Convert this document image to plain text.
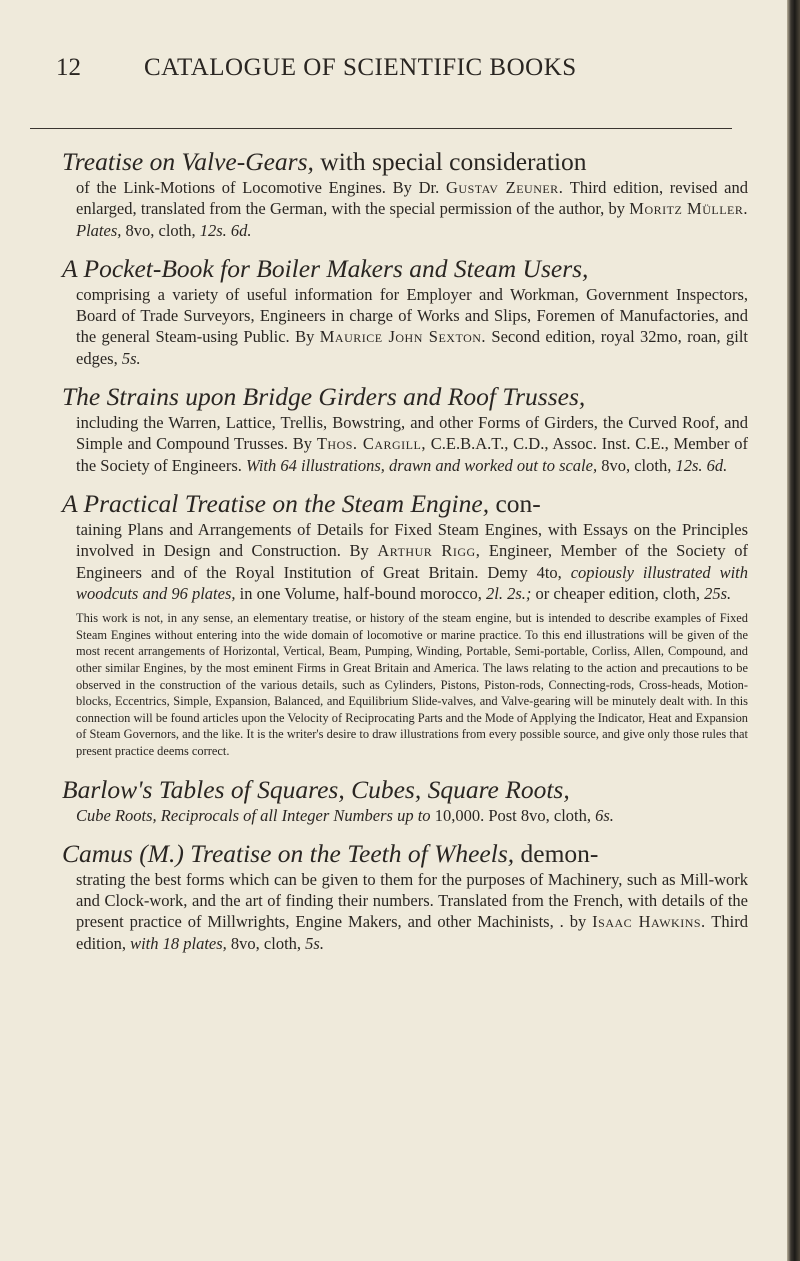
12	CATALOGUE OF SCIENTIFIC BOOKS
Treatise on Valve-Gears, with special consideration
of the Link-Motions of Locomotive Engines. By Dr. Gustav Zeuner. Third edition, revised and enlarged, translated from the German, with the special permission of the author, by Moritz Müller. Plates, 8vo, cloth, 12s. 6d.
A Pocket-Book for Boiler Makers and Steam Users,
comprising a variety of useful information for Employer and Workman, Government Inspectors, Board of Trade Surveyors, Engineers in charge of Works and Slips, Foremen of Manufactories, and the general Steam-using Public. By Maurice John Sexton. Second edition, royal 32mo, roan, gilt edges, 5s.
The Strains upon Bridge Girders and Roof Trusses,
including the Warren, Lattice, Trellis, Bowstring, and other Forms of Girders, the Curved Roof, and Simple and Compound Trusses. By Thos. Cargill, C.E.B.A.T., C.D., Assoc. Inst. C.E., Member of the Society of Engineers. With 64 illustrations, drawn and worked out to scale, 8vo, cloth, 12s. 6d.
A Practical Treatise on the Steam Engine, con-
taining Plans and Arrangements of Details for Fixed Steam Engines, with Essays on the Principles involved in Design and Construction. By Arthur Rigg, Engineer, Member of the Society of Engineers and of the Royal Institution of Great Britain. Demy 4to, copiously illustrated with woodcuts and 96 plates, in one Volume, half-bound morocco, 2l. 2s.; or cheaper edition, cloth, 25s.
This work is not, in any sense, an elementary treatise, or history of the steam engine, but is intended to describe examples of Fixed Steam Engines without entering into the wide domain of locomotive or marine practice. To this end illustrations will be given of the most recent arrangements of Horizontal, Vertical, Beam, Pumping, Winding, Portable, Semi-portable, Corliss, Allen, Compound, and other similar Engines, by the most eminent Firms in Great Britain and America. The laws relating to the action and precautions to be observed in the construction of the various details, such as Cylinders, Pistons, Piston-rods, Connecting-rods, Cross-heads, Motion-blocks, Eccentrics, Simple, Expansion, Balanced, and Equilibrium Slide-valves, and Valve-gearing will be minutely dealt with. In this connection will be found articles upon the Velocity of Reciprocating Parts and the Mode of Applying the Indicator, Heat and Expansion of Steam Governors, and the like. It is the writer's desire to draw illustrations from every possible source, and give only those rules that present practice deems correct.
Barlow's Tables of Squares, Cubes, Square Roots,
Cube Roots, Reciprocals of all Integer Numbers up to 10,000. Post 8vo, cloth, 6s.
Camus (M.) Treatise on the Teeth of Wheels, demon-
strating the best forms which can be given to them for the purposes of Machinery, such as Mill-work and Clock-work, and the art of finding their numbers. Translated from the French, with details of the present practice of Millwrights, Engine Makers, and other Machinists, . by Isaac Hawkins. Third edition, with 18 plates, 8vo, cloth, 5s.
